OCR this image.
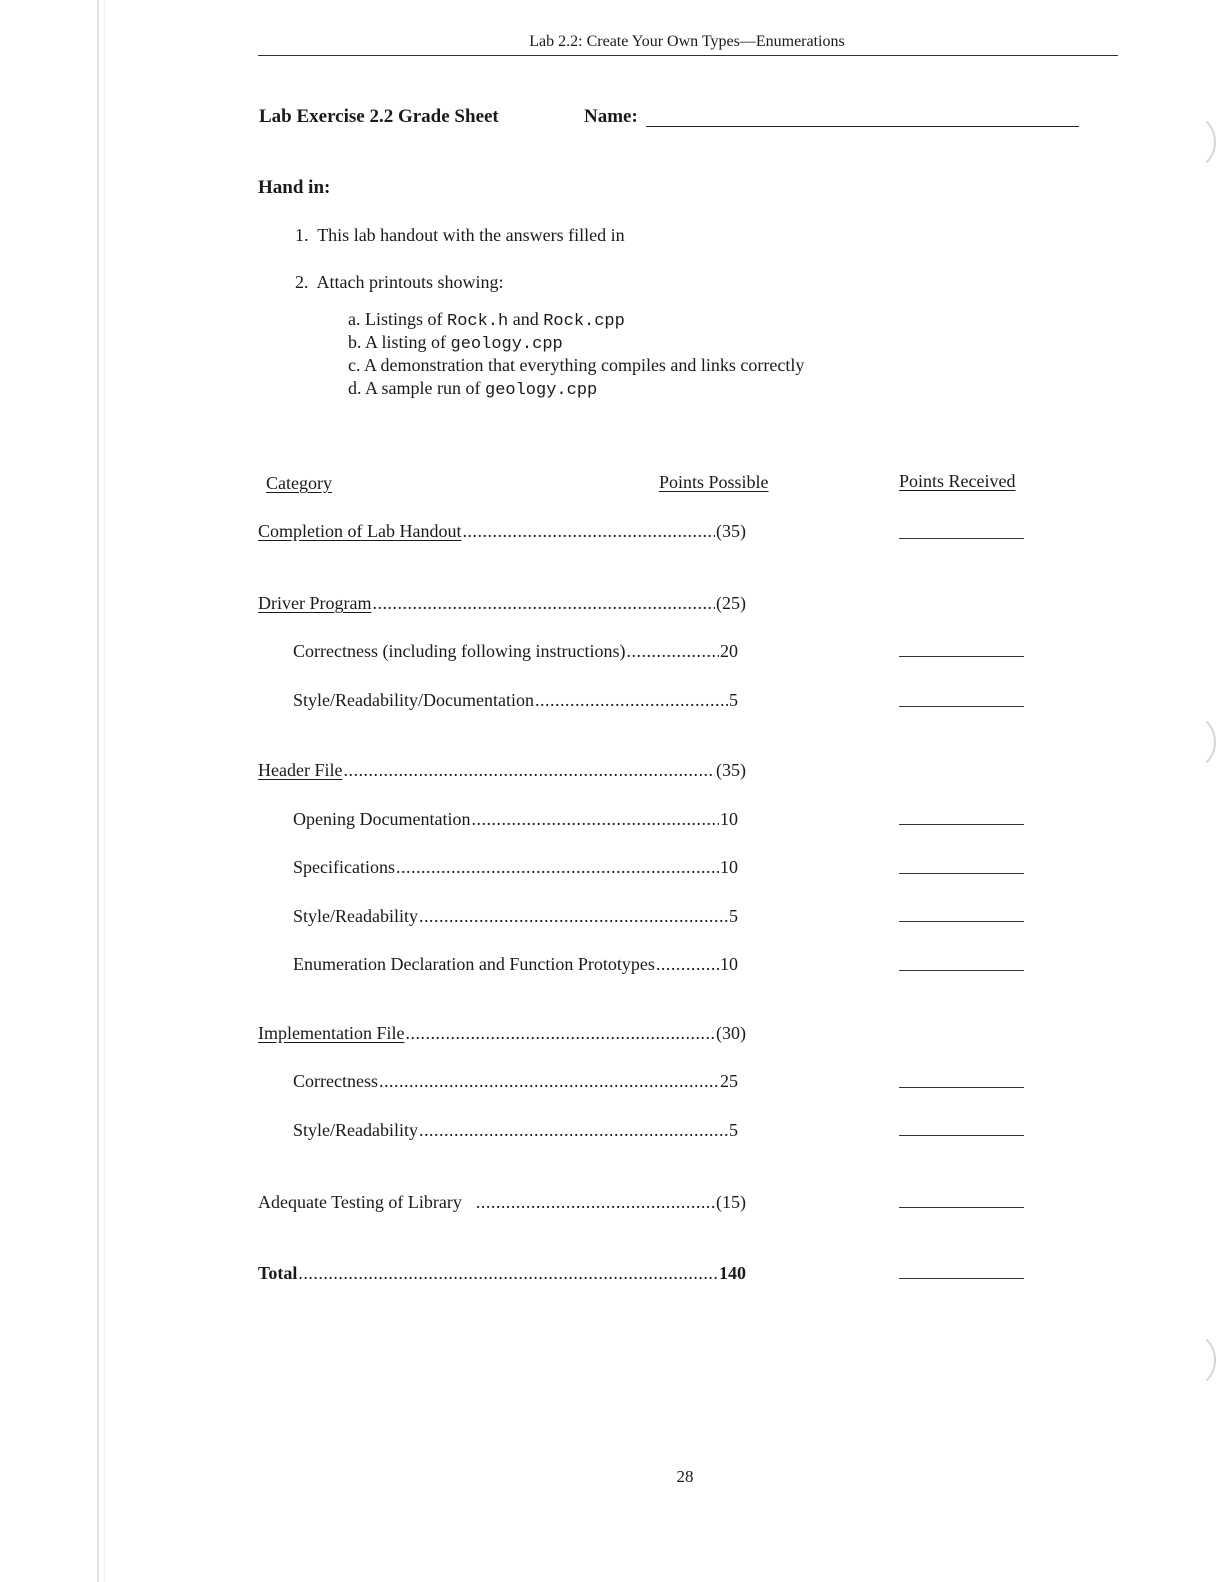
Lab 2.2: Create Your Own Types—Enumerations
Lab Exercise 2.2 Grade Sheet	Name:
Hand in:
1. This lab handout with the answers filled in
2. Attach printouts showing:
a. Listings of Rock.h and Rock.cpp
b. A listing of geology.cpp
c. A demonstration that everything compiles and links correctly
d. A sample run of geology.cpp
Category	Points Possible	Points Received
Completion of Lab Handout .....	(35)
Driver Program .....	(25)
Correctness (including following instructions) .....	20
Style/Readability/Documentation .....	5
Header File .....	(35)
Opening Documentation .....	10
Specifications .....	10
Style/Readability .....	5
Enumeration Declaration and Function Prototypes .....	10
Implementation File .....	(30)
Correctness .....	25
Style/Readability .....	5
Adequate Testing of Library .....	(15)
Total .....	140
28
